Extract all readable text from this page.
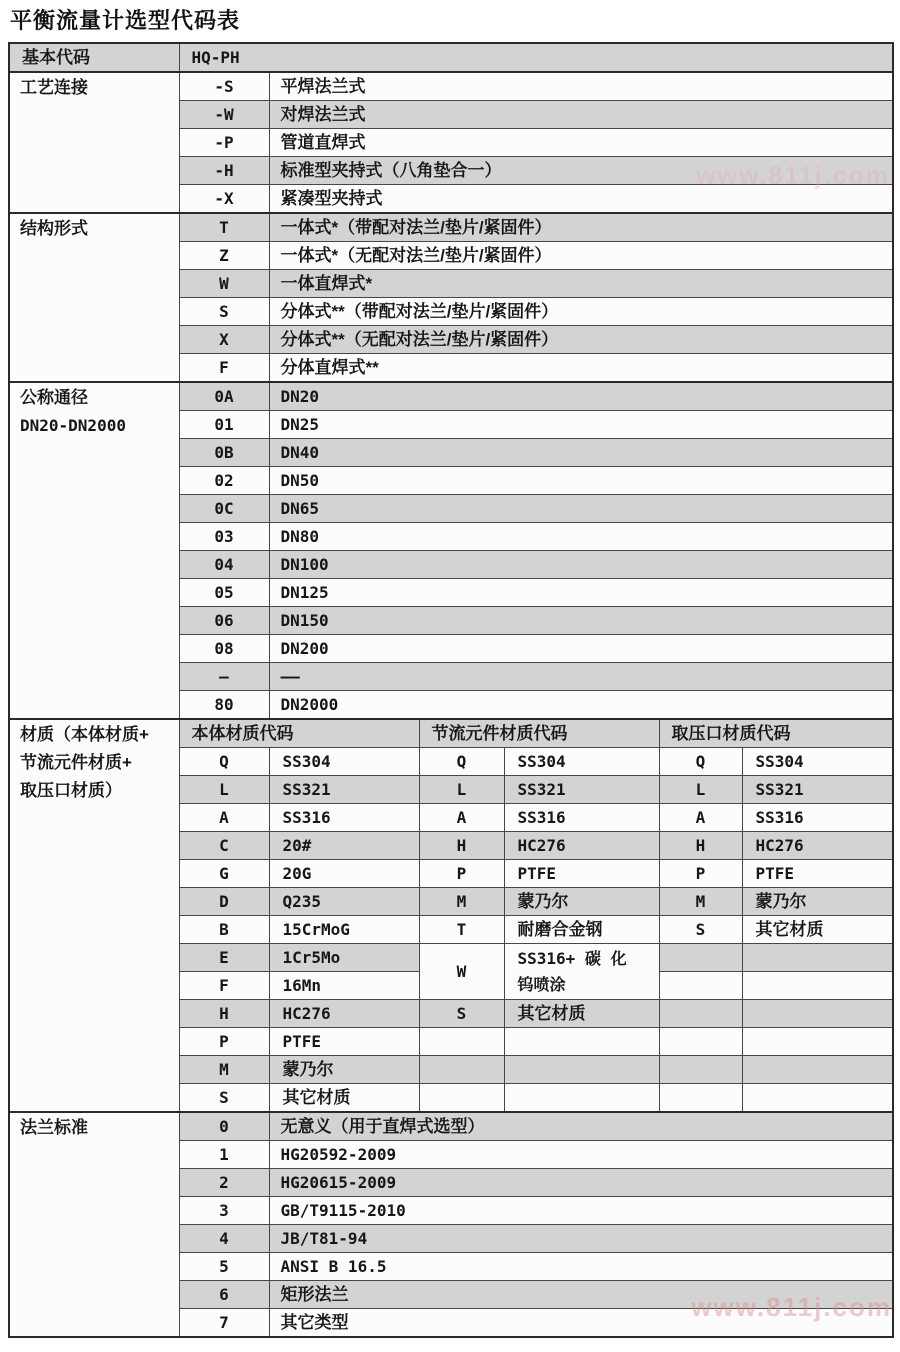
平衡流量计选型代码表
www.811j.com
www.811j.com
基本代码	HQ-PH					
工艺连接	-S	平焊法兰式				
	-W	对焊法兰式				
	-P	管道直焊式				
	-H	标准型夹持式（八角垫合一）				
	-X	紧凑型夹持式				
结构形式	T	一体式*（带配对法兰/垫片/紧固件）				
	Z	一体式*（无配对法兰/垫片/紧固件）				
	W	一体直焊式*				
	S	分体式**（带配对法兰/垫片/紧固件）				
	X	分体式**（无配对法兰/垫片/紧固件）				
	F	分体直焊式**				

公称通径
DN20-DN2000	0A	DN20				
	01	DN25				
	0B	DN40				
	02	DN50				
	0C	DN65				
	03	DN80				
	04	DN100				
	05	DN125				
	06	DN150				
	08	DN200				
	—	——				
	80	DN2000				

材质（本体材质+
节流元件材质+
取压口材质）	本体材质代码		节流元件材质代码		取压口材质代码	
	Q	SS304	Q	SS304	Q	SS304
	L	SS321	L	SS321	L	SS321
	A	SS316	A	SS316	A	SS316
	C	20#	H	HC276	H	HC276
	G	20G	P	PTFE	P	PTFE
	D	Q235	M	蒙乃尔	M	蒙乃尔
	B	15CrMoG	T	耐磨合金钢	S	其它材质
	E	1Cr5Mo	W	SS316+ 碳 化
钨喷涂		

	F	16Mn				
	H	HC276	S	其它材质		
	P	PTFE				
	M	蒙乃尔				
	S	其它材质				
法兰标准	0	无意义（用于直焊式选型）				
	1	HG20592-2009				
	2	HG20615-2009				
	3	GB/T9115-2010				
	4	JB/T81-94				
	5	ANSI B 16.5				
	6	矩形法兰				
	7	其它类型				
